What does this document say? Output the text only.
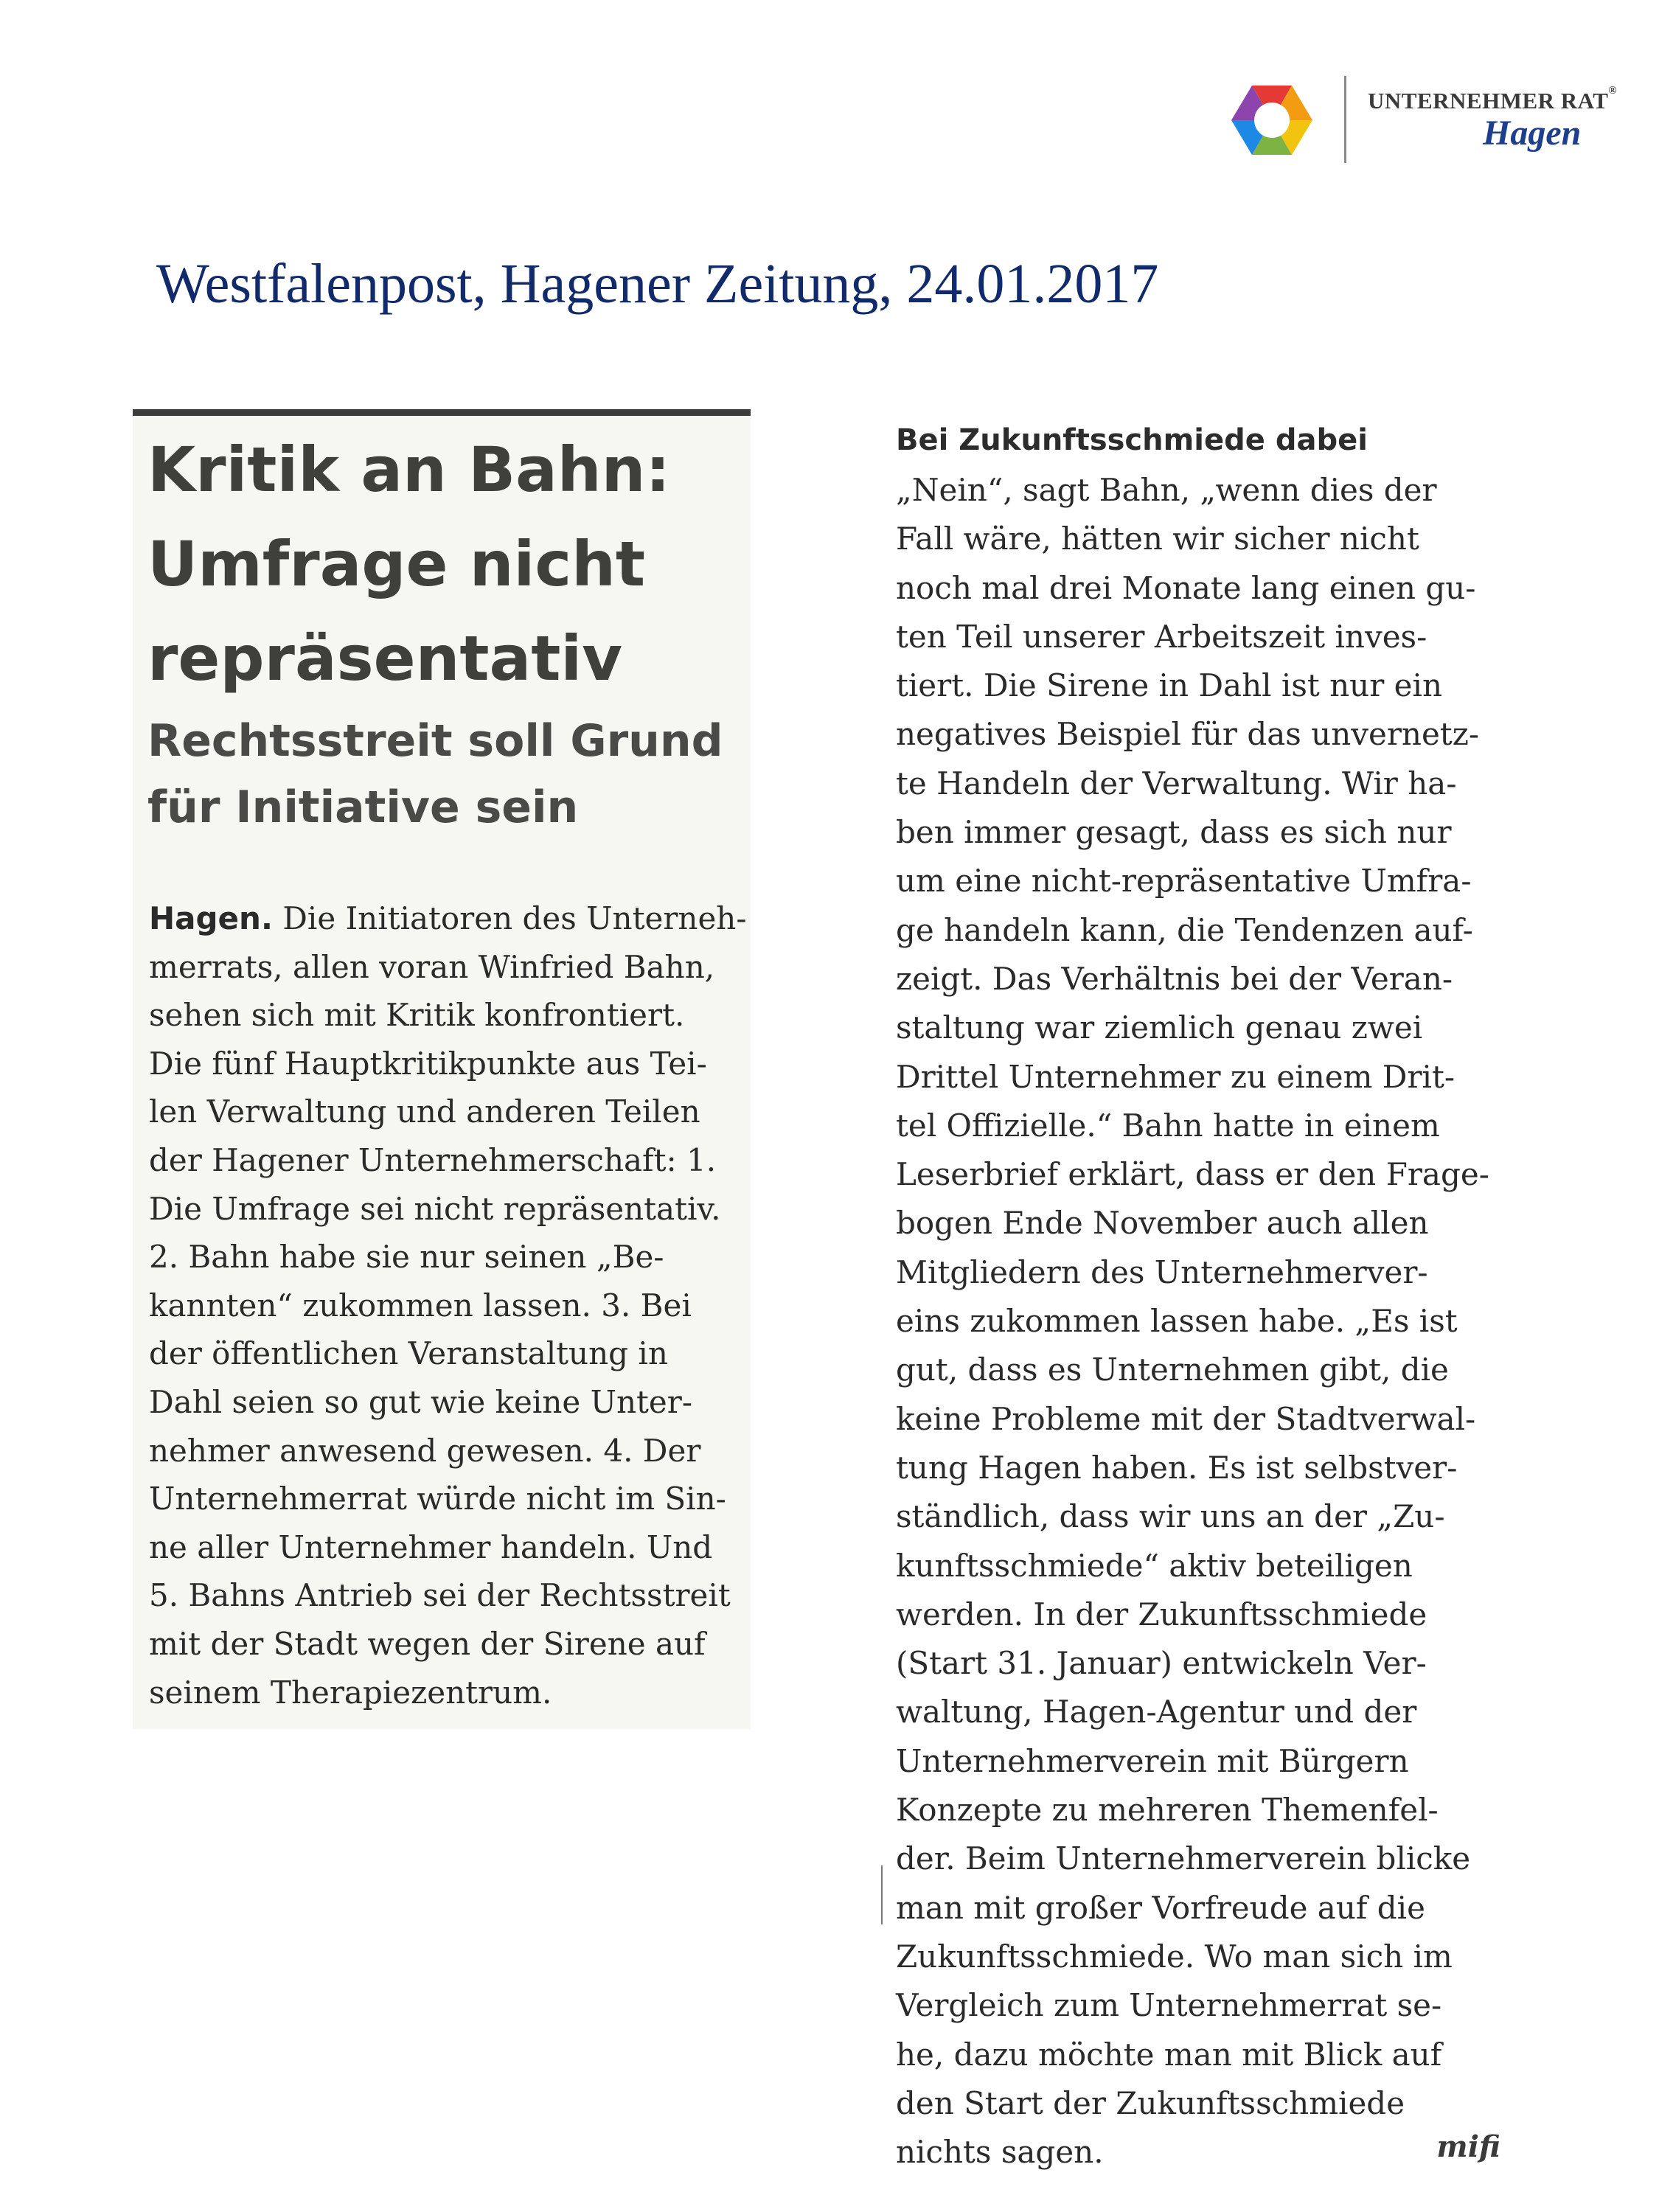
UNTERNEHMER RAT®
Hagen
Westfalenpost, Hagener Zeitung, 24.01.2017
Kritik an Bahn:
Umfrage nicht
repräsentativ
Rechtsstreit soll Grund
für Initiative sein

Hagen. Die Initiatoren des Unterneh-
merrats, allen voran Winfried Bahn,
sehen sich mit Kritik konfrontiert.
Die fünf Hauptkritikpunkte aus Tei-
len Verwaltung und anderen Teilen
der Hagener Unternehmerschaft: 1.
Die Umfrage sei nicht repräsentativ.
2. Bahn habe sie nur seinen „Be-
kannten“ zukommen lassen. 3. Bei
der öffentlichen Veranstaltung in
Dahl seien so gut wie keine Unter-
nehmer anwesend gewesen. 4. Der
Unternehmerrat würde nicht im Sin-
ne aller Unternehmer handeln. Und
5. Bahns Antrieb sei der Rechtsstreit
mit der Stadt wegen der Sirene auf
seinem Therapiezentrum.

Bei Zukunftsschmiede dabei

„Nein“, sagt Bahn, „wenn dies der
Fall wäre, hätten wir sicher nicht
noch mal drei Monate lang einen gu-
ten Teil unserer Arbeitszeit inves-
tiert. Die Sirene in Dahl ist nur ein
negatives Beispiel für das unvernetz-
te Handeln der Verwaltung. Wir ha-
ben immer gesagt, dass es sich nur
um eine nicht-repräsentative Umfra-
ge handeln kann, die Tendenzen auf-
zeigt. Das Verhältnis bei der Veran-
staltung war ziemlich genau zwei
Drittel Unternehmer zu einem Drit-
tel Offizielle.“ Bahn hatte in einem
Leserbrief erklärt, dass er den Frage-
bogen Ende November auch allen
Mitgliedern des Unternehmerver-
eins zukommen lassen habe. „Es ist
gut, dass es Unternehmen gibt, die
keine Probleme mit der Stadtverwal-
tung Hagen haben. Es ist selbstver-
ständlich, dass wir uns an der „Zu-
kunftsschmiede“ aktiv beteiligen
werden. In der Zukunftsschmiede
(Start 31. Januar) entwickeln Ver-
waltung, Hagen-Agentur und der
Unternehmerverein mit Bürgern
Konzepte zu mehreren Themenfel-
der. Beim Unternehmerverein blicke
man mit großer Vorfreude auf die
Zukunftsschmiede. Wo man sich im
Vergleich zum Unternehmerrat se-
he, dazu möchte man mit Blick auf
den Start der Zukunftsschmiede
nichts sagen.	mifi
